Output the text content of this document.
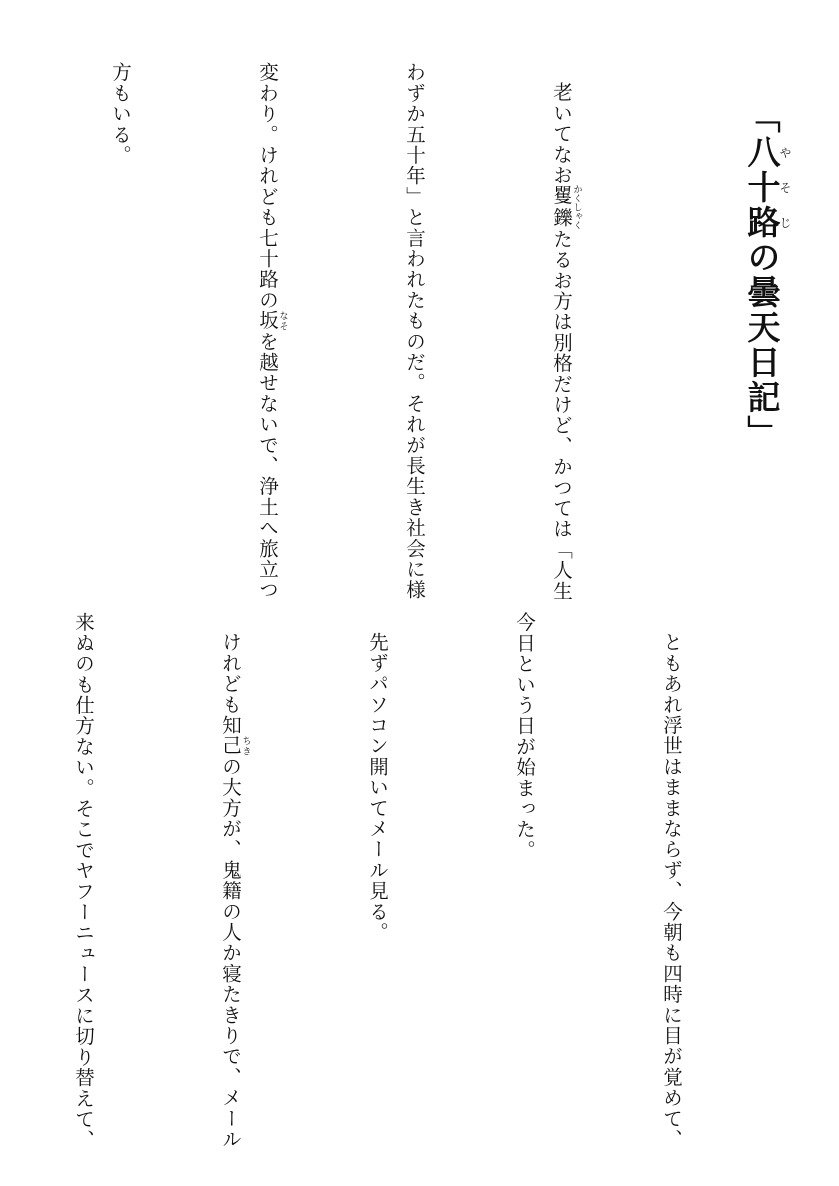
「八十路やそじの曇天日記」

老いてなお矍鑠かくしゃくたるお方は別格だけど、かつては「人生

わずか五十年」と言われたものだ。それが長生き社会に様

変わり。けれども七十路の坂なそを越せないで、浄土へ旅立つ

方もいる。

ともあれ浮世はままならず、今朝も四時に目が覚めて、

今日という日が始まった。

先ずパソコン開いてメール見る。

けれども知己ちきの大方が、鬼籍の人か寝たきりで、メール

来ぬのも仕方ない。そこでヤフーニュースに切り替えて、
